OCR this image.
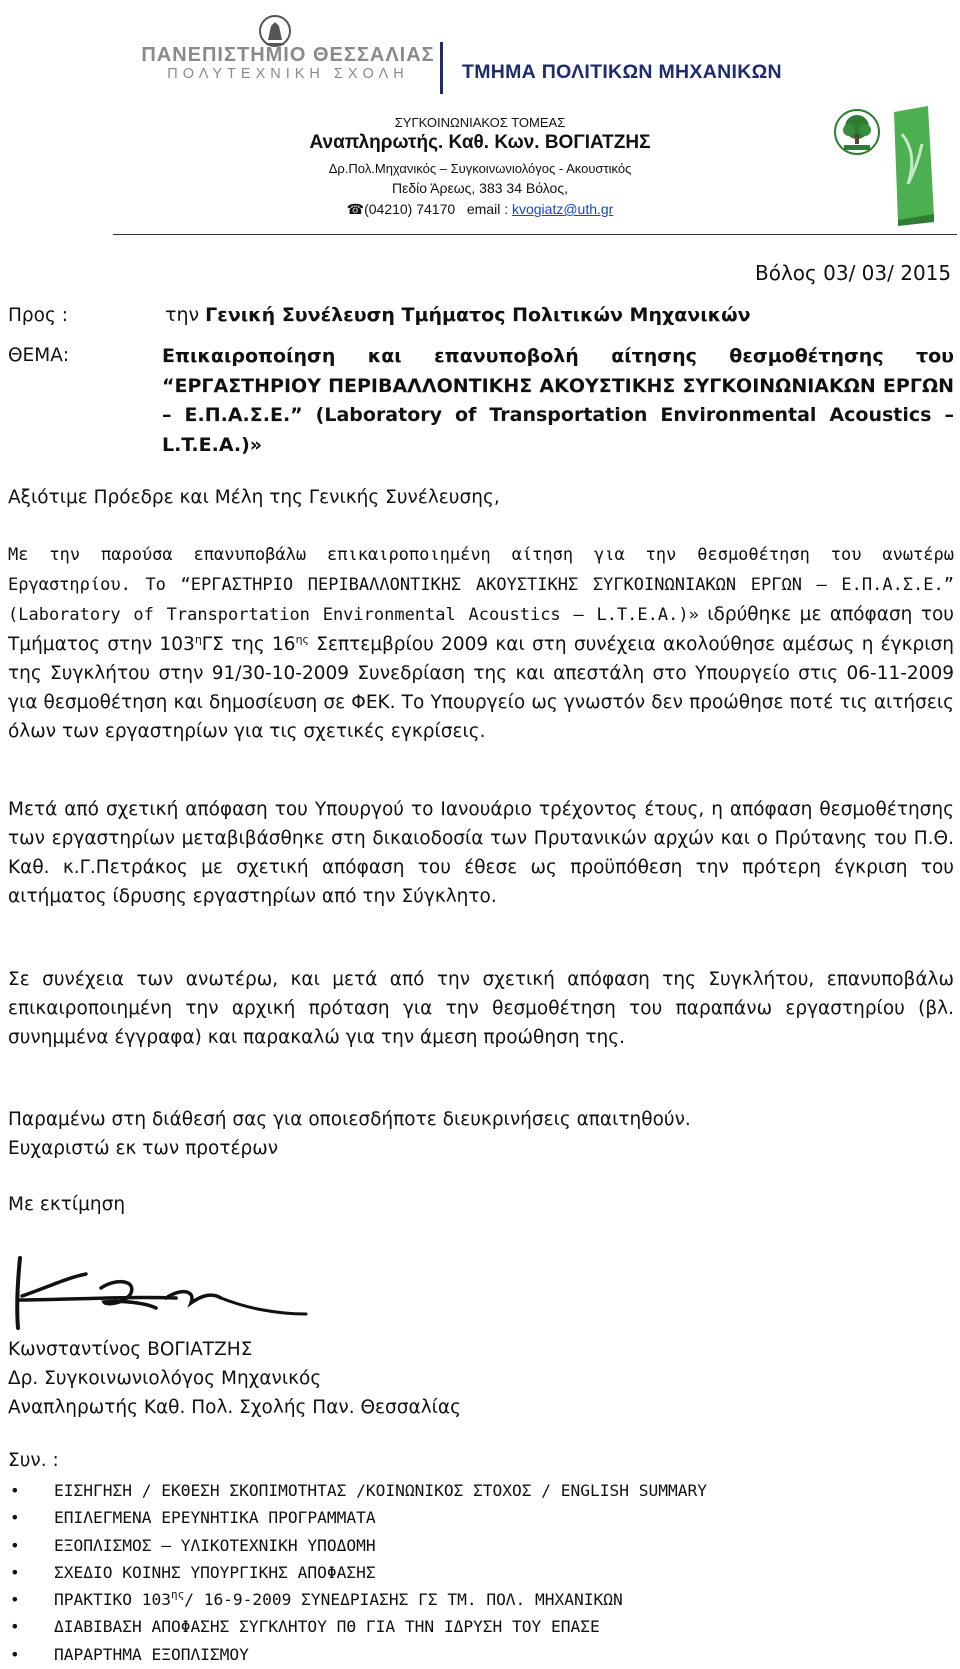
ΠΑΝΕΠΙΣΤΗΜΙΟ ΘΕΣΣΑΛΙΑΣ
ΠΟΛΥΤΕΧΝΙΚΗ ΣΧΟΛΗ	ΤΜΗΜΑ ΠΟΛΙΤΙΚΩΝ ΜΗΧΑΝΙΚΩΝ
ΣΥΓΚΟΙΝΩΝΙΑΚΟΣ ΤΟΜΕΑΣ
Αναπληρωτής. Καθ. Κων. ΒΟΓΙΑΤΖΗΣ
Δρ.Πολ.Μηχανικός – Συγκοινωνιολόγος - Ακουστικός
Πεδίο Άρεως, 383 34 Βόλος,
☎(04210) 74170 email : kvogiatz@uth.gr
Βόλος 03/ 03/ 2015
Προς :	την Γενική Συνέλευση Τμήματος Πολιτικών Μηχανικών
ΘΕΜΑ:	Επικαιροποίηση και επανυποβολή αίτησης θεσμοθέτησης του “ΕΡΓΑΣΤΗΡΙΟΥ ΠΕΡΙΒΑΛΛΟΝΤΙΚΗΣ ΑΚΟΥΣΤΙΚΗΣ ΣΥΓΚΟΙΝΩΝΙΑΚΩΝ ΕΡΓΩΝ – Ε.Π.Α.Σ.Ε.” (Laboratory of Transportation Environmental Acoustics – L.T.E.A.)»
Αξιότιμε Πρόεδρε και Μέλη της Γενικής Συνέλευσης,
Με την παρούσα επανυποβάλω επικαιροποιημένη αίτηση για την θεσμοθέτηση του ανωτέρω Εργαστηρίου. Το “ΕΡΓΑΣΤΗΡΙΟ ΠΕΡΙΒΑΛΛΟΝΤΙΚΗΣ ΑΚΟΥΣΤΙΚΗΣ ΣΥΓΚΟΙΝΩΝΙΑΚΩΝ ΕΡΓΩΝ – Ε.Π.Α.Σ.Ε.” (Laboratory of Transportation Environmental Acoustics – L.T.E.A.)» ιδρύθηκε με απόφαση του Τμήματος στην $103^\eta\Gamma\Sigma$ της $16^{\eta\varsigma}$ Σεπτεμβρίου 2009 και στη συνέχεια ακολούθησε αμέσως η έγκριση της Συγκλήτου στην 91/30-10-2009 Συνεδρίαση της και απεστάλη στο Υπουργείο στις 06-11-2009 για θεσμοθέτηση και δημοσίευση σε ΦΕΚ. Το Υπουργείο ως γνωστόν δεν προώθησε ποτέ τις αιτήσεις όλων των εργαστηρίων για τις σχετικές εγκρίσεις.
Μετά από σχετική απόφαση του Υπουργού το Ιανουάριο τρέχοντος έτους, η απόφαση θεσμοθέτησης των εργαστηρίων μεταβιβάσθηκε στη δικαιοδοσία των Πρυτανικών αρχών και ο Πρύτανης του Π.Θ. Καθ. κ.Γ.Πετράκος με σχετική απόφαση του έθεσε ως προϋπόθεση την πρότερη έγκριση του αιτήματος ίδρυσης εργαστηρίων από την Σύγκλητο.
Σε συνέχεια των ανωτέρω, και μετά από την σχετική απόφαση της Συγκλήτου, επανυποβάλω επικαιροποιημένη την αρχική πρόταση για την θεσμοθέτηση του παραπάνω εργαστηρίου (βλ. συνημμένα έγγραφα) και παρακαλώ για την άμεση προώθηση της.
Παραμένω στη διάθεσή σας για οποιεσδήποτε διευκρινήσεις απαιτηθούν.
Ευχαριστώ εκ των προτέρων
Με εκτίμηση
Κωνσταντίνος ΒΟΓΙΑΤΖΗΣ
Δρ. Συγκοινωνιολόγος Μηχανικός
Αναπληρωτής Καθ. Πολ. Σχολής Παν. Θεσσαλίας
Συν. :
• ΕΙΣΗΓΗΣΗ / ΕΚΘΕΣΗ ΣΚΟΠΙΜΟΤΗΤΑΣ /ΚΟΙΝΩΝΙΚΟΣ ΣΤΟΧΟΣ / ENGLISH SUMMARY
• ΕΠΙΛΕΓΜΕΝΑ ΕΡΕΥΝΗΤΙΚΑ ΠΡΟΓΡΑΜΜΑΤΑ
• ΕΞΟΠΛΙΣΜΟΣ – ΥΛΙΚΟΤΕΧΝΙΚΗ ΥΠΟΔΟΜΗ
• ΣΧΕΔΙΟ ΚΟΙΝΗΣ ΥΠΟΥΡΓΙΚΗΣ ΑΠΟΦΑΣΗΣ
• ΠΡΑΚΤΙΚΟ $103^{\eta\varsigma}/$ 16-9-2009 ΣΥΝΕΔΡΙΑΣΗΣ ΓΣ ΤΜ. ΠΟΛ. ΜΗΧΑΝΙΚΩΝ
• ΔΙΑΒΙΒΑΣΗ ΑΠΟΦΑΣΗΣ ΣΥΓΚΛΗΤΟΥ ΠΘ ΓΙΑ ΤΗΝ ΙΔΡΥΣΗ ΤΟΥ ΕΠΑΣΕ
• ΠΑΡΑΡΤΗΜΑ ΕΞΟΠΛΙΣΜΟΥ
